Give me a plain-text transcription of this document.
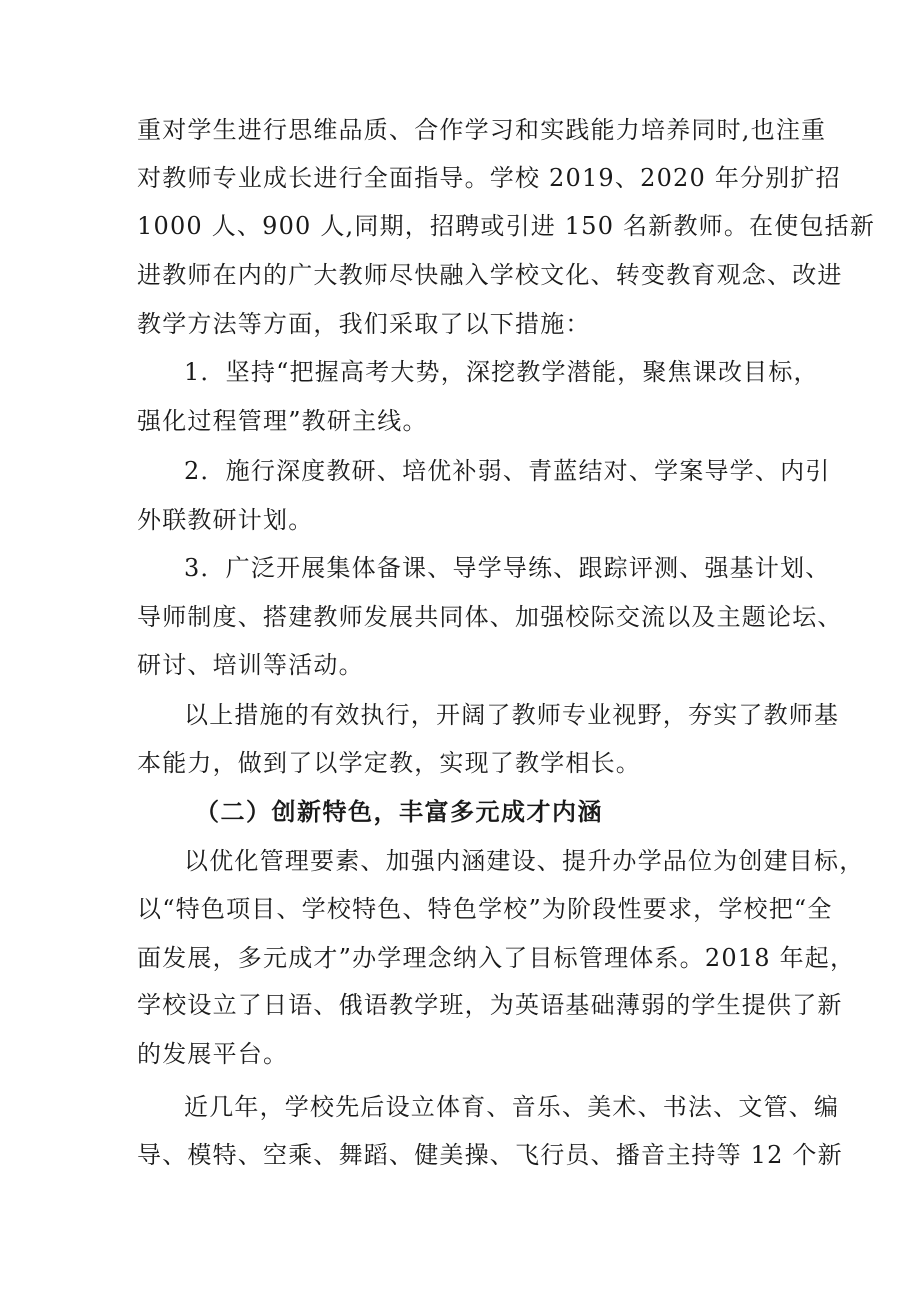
重对学生进行思维品质、合作学习和实践能力培养同时,也注重
对教师专业成长进行全面指导。学校 2019、2020 年分别扩招
1000 人、900 人,同期，招聘或引进 150 名新教师。在使包括新
进教师在内的广大教师尽快融入学校文化、转变教育观念、改进
教学方法等方面，我们采取了以下措施：
1．坚持“把握高考大势，深挖教学潜能，聚焦课改目标，
强化过程管理”教研主线。
2．施行深度教研、培优补弱、青蓝结对、学案导学、内引
外联教研计划。
3．广泛开展集体备课、导学导练、跟踪评测、强基计划、
导师制度、搭建教师发展共同体、加强校际交流以及主题论坛、
研讨、培训等活动。
以上措施的有效执行，开阔了教师专业视野，夯实了教师基
本能力，做到了以学定教，实现了教学相长。
（二）创新特色，丰富多元成才内涵
以优化管理要素、加强内涵建设、提升办学品位为创建目标，
以“特色项目、学校特色、特色学校”为阶段性要求，学校把“全
面发展，多元成才”办学理念纳入了目标管理体系。2018 年起，
学校设立了日语、俄语教学班，为英语基础薄弱的学生提供了新
的发展平台。
近几年，学校先后设立体育、音乐、美术、书法、文管、编
导、模特、空乘、舞蹈、健美操、飞行员、播音主持等 12 个新
